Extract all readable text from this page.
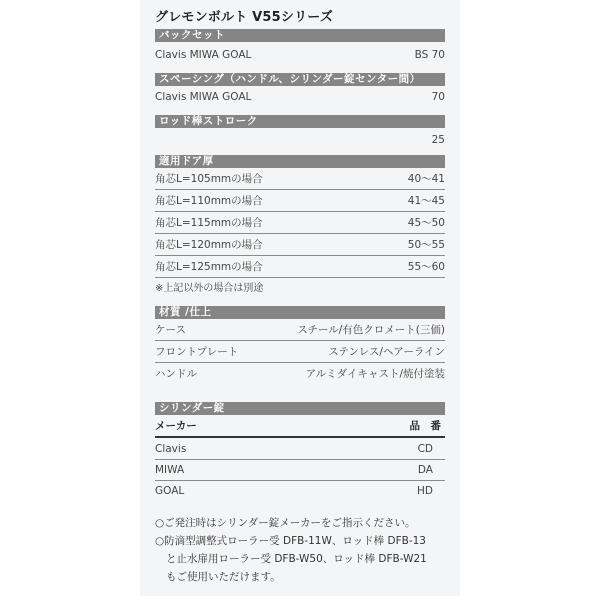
グレモンボルト V55シリーズ
バックセット
Clavis MIWA GOAL	BS 70
スペーシング（ハンドル、シリンダー錠センター間）
Clavis MIWA GOAL	70
ロッド棒ストローク
25
適用ドア厚
角芯L=105mmの場合	40〜41
角芯L=110mmの場合	41〜45
角芯L=115mmの場合	45〜50
角芯L=120mmの場合	50〜55
角芯L=125mmの場合	55〜60
※上記以外の場合は別途
材質 /仕上
ケース	スチール/有色クロメート(三価)
フロントプレート	ステンレス/ヘアーライン
ハンドル	アルミダイキャスト/焼付塗装
シリンダー錠
メーカー	品　番
Clavis	CD
MIWA	DA
GOAL	HD
○ご発注時はシリンダー錠メーカーをご指示ください。
○防滴型調整式ローラー受 DFB-11W、ロッド棒 DFB-13
と止水扉用ローラー受 DFB-W50、ロッド棒 DFB-W21
もご使用いただけます。
